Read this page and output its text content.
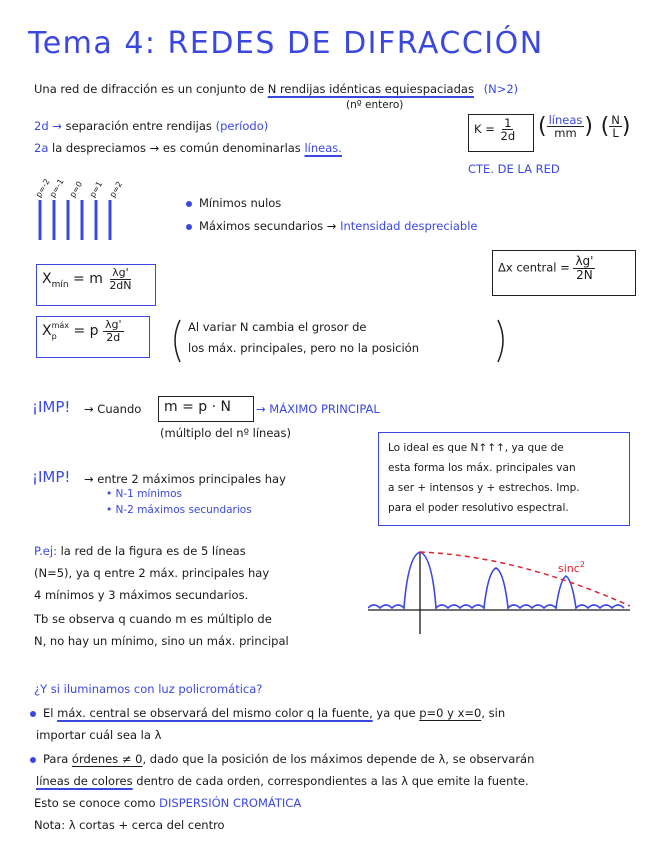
Tema 4: REDES DE DIFRACCIÓN
Una red de difracción es un conjunto de N rendijas idénticas equiespaciadas (N>2)
(nº entero)
2d → separación entre rendijas (período)
2a la despreciamos → es común denominarlas líneas.
$K = \frac{1}{2d}$ ( $\frac{\text{líneas}}{mm}$ ) ( $\frac{N}{L}$ )
CTE. DE LA RED
p=-2
p=-1 p=0 p=1 p=2
Mínimos nulos
Máximos secundarios → Intensidad despreciable
$X_{mín} = m \frac{\lambda g'}{2dN}$	Δx central = $\frac{\lambda g'}{2N}$
X máx
p	= p $\frac{\lambda g'}{2d}$	Al variar N cambia el grosor de
los máx. principales, pero no la posición
¡IMP! → Cuando m = p · N → MÁXIMO PRINCIPAL
(múltiplo del nº líneas)
Lo ideal es que N↑↑↑, ya que de
esta forma los máx. principales van
a ser + intensos y + estrechos. Imp.
para el poder resolutivo espectral.
¡IMP! → entre 2 máximos principales hay
• N-1 mínimos
• N-2 máximos secundarios
P.ej: la red de la figura es de 5 líneas
(N=5), ya q entre 2 máx. principales hay
4 mínimos y 3 máximos secundarios.
Tb se observa q cuando m es múltiplo de
N, no hay un mínimo, sino un máx. principal
sinc$^2$
¿Y si iluminamos con luz policromática?
El máx. central se observará del mismo color q la fuente, ya que p=0 y x=0, sin
importar cuál sea la λ
Para órdenes ≠ 0, dado que la posición de los máximos depende de λ, se observarán
líneas de colores dentro de cada orden, correspondientes a las λ que emite la fuente.
Esto se conoce como DISPERSIÓN CROMÁTICA
Nota: λ cortas + cerca del centro
